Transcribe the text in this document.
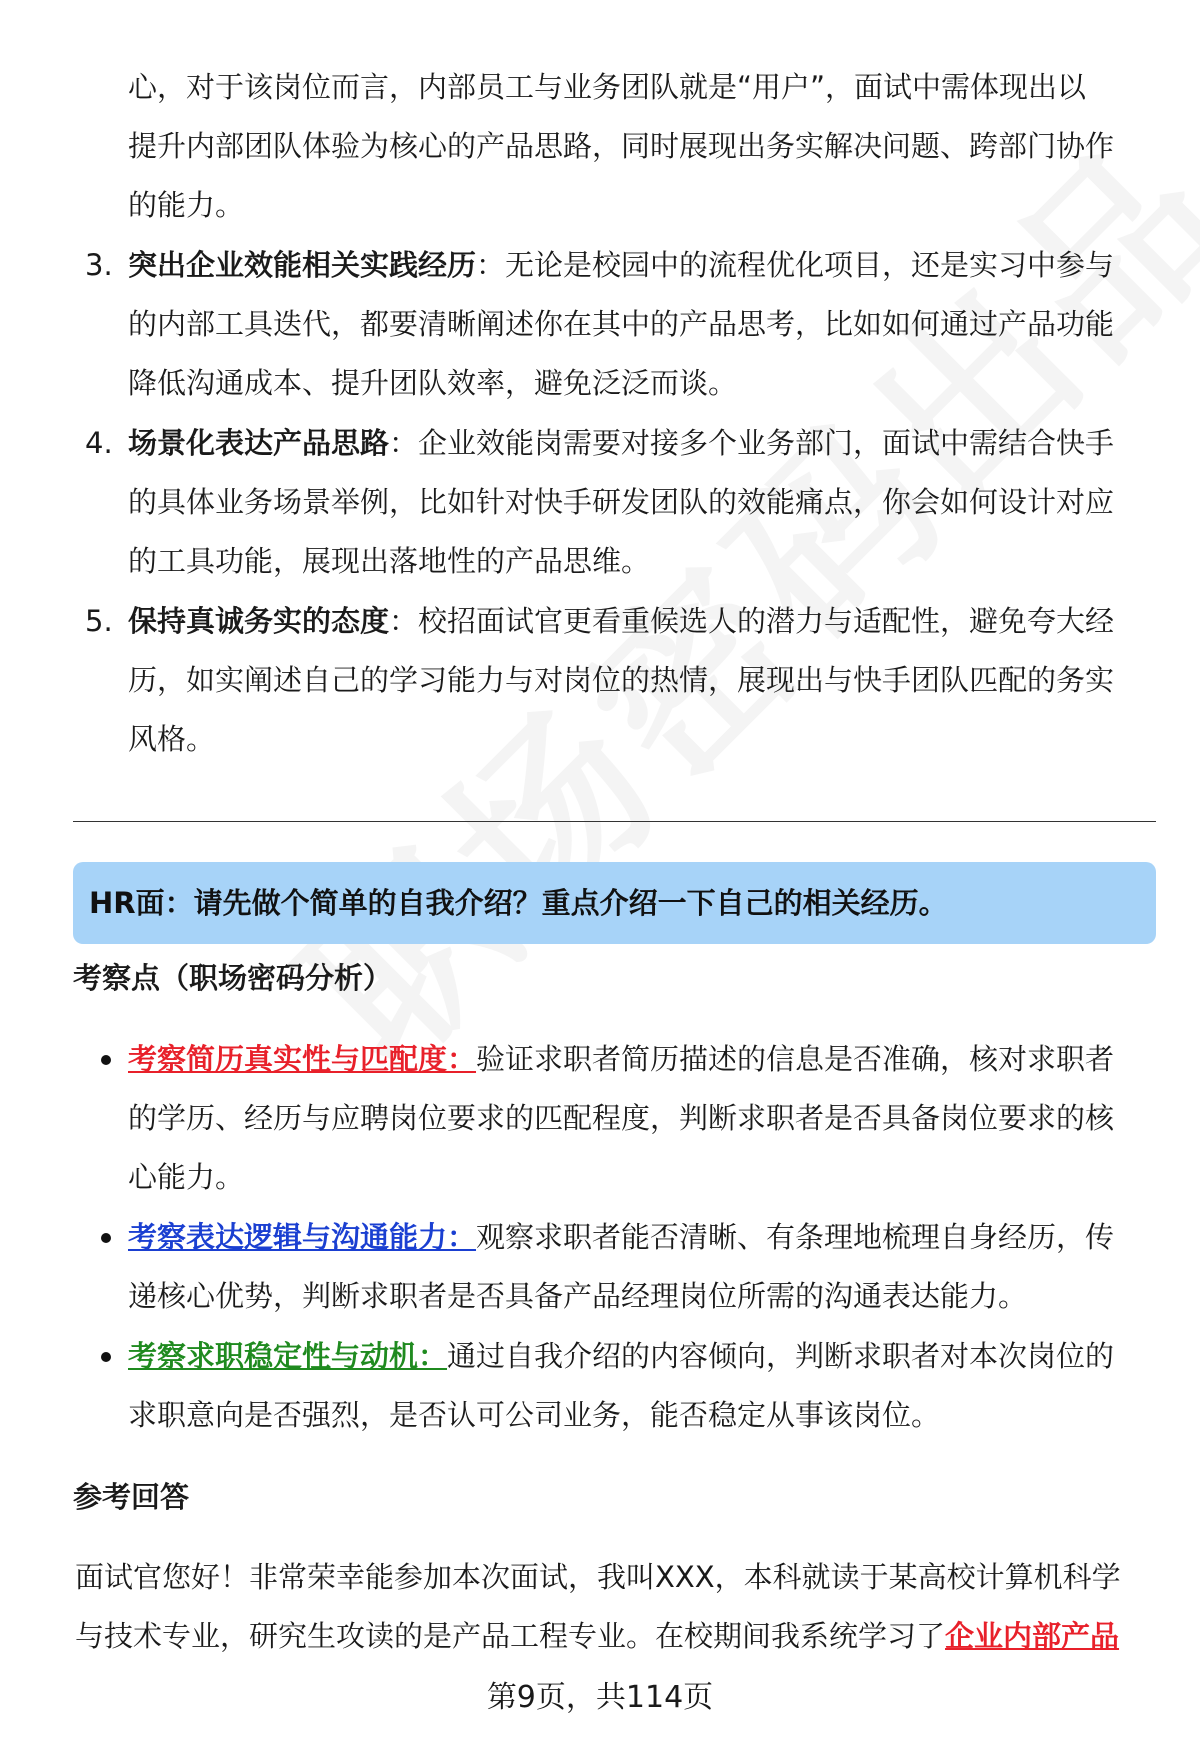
心，对于该岗位而言，内部员工与业务团队就是“用户”，面试中需体现出以
提升内部团队体验为核心的产品思路，同时展现出务实解决问题、跨部门协作
的能力。
3. 突出企业效能相关实践经历：无论是校园中的流程优化项目，还是实习中参与
的内部工具迭代，都要清晰阐述你在其中的产品思考，比如如何通过产品功能
降低沟通成本、提升团队效率，避免泛泛而谈。
4. 场景化表达产品思路：企业效能岗需要对接多个业务部门，面试中需结合快手
的具体业务场景举例，比如针对快手研发团队的效能痛点，你会如何设计对应
的工具功能，展现出落地性的产品思维。
5. 保持真诚务实的态度：校招面试官更看重候选人的潜力与适配性，避免夸大经
历，如实阐述自己的学习能力与对岗位的热情，展现出与快手团队匹配的务实
风格。
HR面：请先做个简单的自我介绍？重点介绍一下自己的相关经历。
考察点（职场密码分析）
考察简历真实性与匹配度：验证求职者简历描述的信息是否准确，核对求职者
的学历、经历与应聘岗位要求的匹配程度，判断求职者是否具备岗位要求的核
心能力。
考察表达逻辑与沟通能力：观察求职者能否清晰、有条理地梳理自身经历，传
递核心优势，判断求职者是否具备产品经理岗位所需的沟通表达能力。
考察求职稳定性与动机：通过自我介绍的内容倾向，判断求职者对本次岗位的
求职意向是否强烈，是否认可公司业务，能否稳定从事该岗位。
参考回答
面试官您好！非常荣幸能参加本次面试，我叫XXX，本科就读于某高校计算机科学
与技术专业，研究生攻读的是产品工程专业。在校期间我系统学习了企业内部产品
第9页，共114页
